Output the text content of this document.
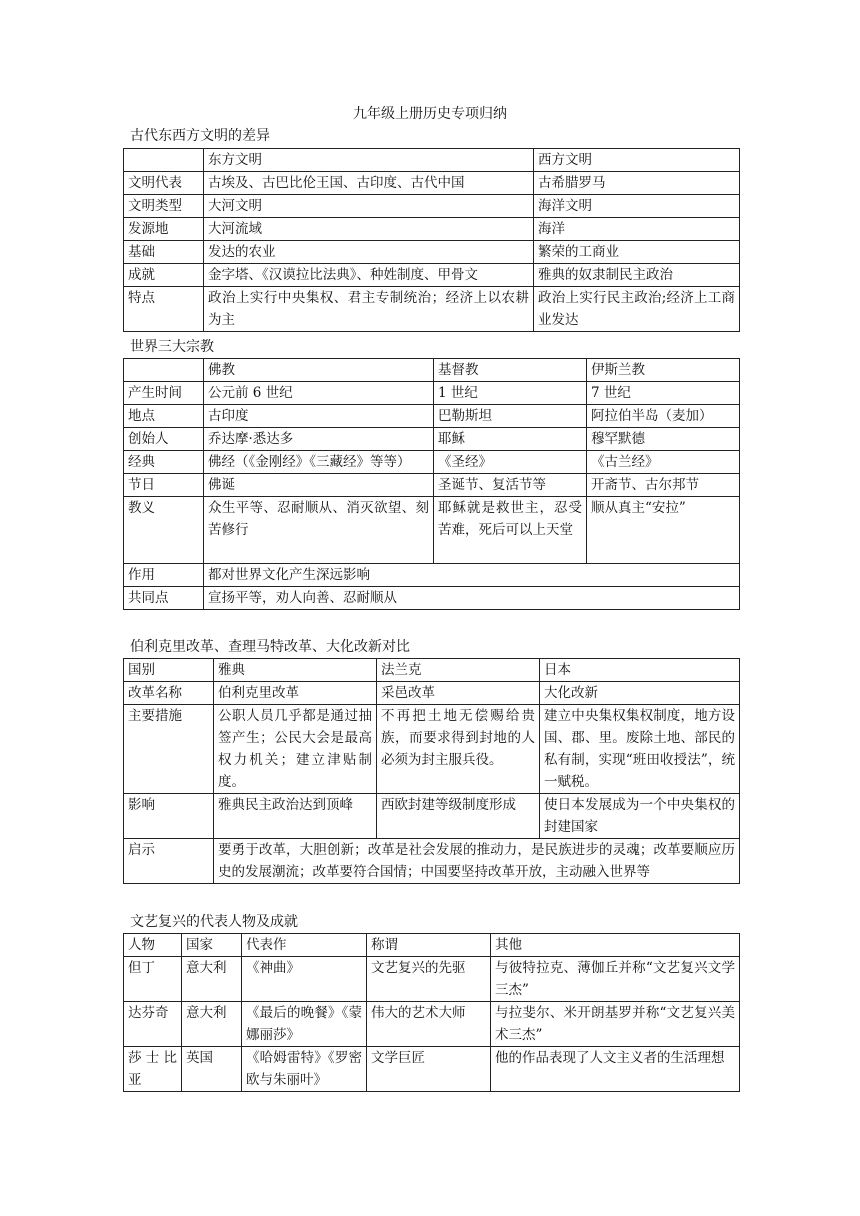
九年级上册历史专项归纳
古代东西方文明的差异
	东方文明	西方文明
文明代表	古埃及、古巴比伦王国、古印度、古代中国	古希腊罗马
文明类型	大河文明	海洋文明
发源地	大河流域	海洋
基础	发达的农业	繁荣的工商业
成就	金字塔、《汉谟拉比法典》、种姓制度、甲骨文	雅典的奴隶制民主政治
特点	政治上实行中央集权、君主专制统治；经济上以农耕为主	政治上实行民主政治;经济上工商业发达
世界三大宗教
	佛教	基督教	伊斯兰教
产生时间	公元前 6 世纪	1 世纪	7 世纪
地点	古印度	巴勒斯坦	阿拉伯半岛（麦加）
创始人	乔达摩·悉达多	耶稣	穆罕默德
经典	佛经（《金刚经》《三藏经》等等）	《圣经》	《古兰经》
节日	佛诞	圣诞节、复活节等	开斋节、古尔邦节
教义	众生平等、忍耐顺从、消灭欲望、刻苦修行	耶稣就是救世主，忍受苦难，死后可以上天堂	顺从真主“安拉”
作用	都对世界文化产生深远影响		
共同点	宣扬平等，劝人向善、忍耐顺从		
伯利克里改革、查理马特改革、大化改新对比
国别	雅典	法兰克	日本
改革名称	伯利克里改革	采邑改革	大化改新
主要措施	公职人员几乎都是通过抽签产生；公民大会是最高权力机关；建立津贴制度。	不再把土地无偿赐给贵族，而要求得到封地的人必须为封主服兵役。	建立中央集权集权制度，地方设国、郡、里。废除土地、部民的私有制，实现“班田收授法”，统一赋税。
影响	雅典民主政治达到顶峰	西欧封建等级制度形成	使日本发展成为一个中央集权的封建国家
启示	要勇于改革，大胆创新；改革是社会发展的推动力，是民族进步的灵魂；改革要顺应历史的发展潮流；改革要符合国情；中国要坚持改革开放，主动融入世界等		
文艺复兴的代表人物及成就
人物	国家	代表作	称谓	其他
但丁	意大利	《神曲》	文艺复兴的先驱	与彼特拉克、薄伽丘并称“文艺复兴文学三杰”
达芬奇	意大利	《最后的晚餐》《蒙娜丽莎》	伟大的艺术大师	与拉斐尔、米开朗基罗并称“文艺复兴美术三杰”
莎士比亚	英国	《哈姆雷特》《罗密欧与朱丽叶》	文学巨匠	他的作品表现了人文主义者的生活理想
